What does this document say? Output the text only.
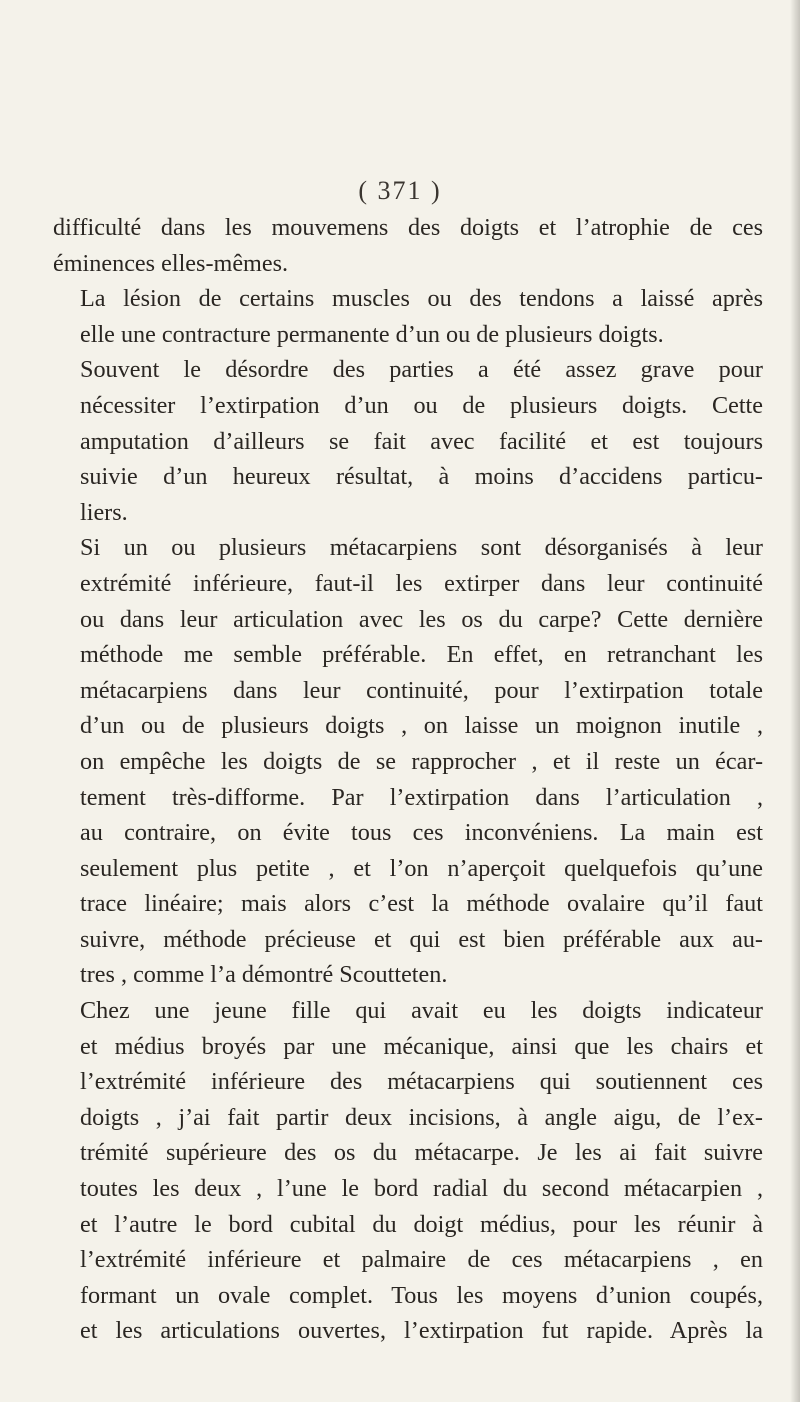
( 371 )

difficulté dans les mouvemens des doigts et l’atrophie de ces
éminences elles-mêmes.

La lésion de certains muscles ou des tendons a laissé après
elle une contracture permanente d’un ou de plusieurs doigts.

Souvent le désordre des parties a été assez grave pour
nécessiter l’extirpation d’un ou de plusieurs doigts. Cette
amputation d’ailleurs se fait avec facilité et est toujours
suivie d’un heureux résultat, à moins d’accidens particu-
liers.

Si un ou plusieurs métacarpiens sont désorganisés à leur
extrémité inférieure, faut-il les extirper dans leur continuité
ou dans leur articulation avec les os du carpe? Cette dernière
méthode me semble préférable. En effet, en retranchant les
métacarpiens dans leur continuité, pour l’extirpation totale
d’un ou de plusieurs doigts , on laisse un moignon inutile ,
on empêche les doigts de se rapprocher , et il reste un écar-
tement très-difforme. Par l’extirpation dans l’articulation ,
au contraire, on évite tous ces inconvéniens. La main est
seulement plus petite , et l’on n’aperçoit quelquefois qu’une
trace linéaire; mais alors c’est la méthode ovalaire qu’il faut
suivre, méthode précieuse et qui est bien préférable aux au-
tres , comme l’a démontré Scoutteten.

Chez une jeune fille qui avait eu les doigts indicateur
et médius broyés par une mécanique, ainsi que les chairs et
l’extrémité inférieure des métacarpiens qui soutiennent ces
doigts , j’ai fait partir deux incisions, à angle aigu, de l’ex-
trémité supérieure des os du métacarpe. Je les ai fait suivre
toutes les deux , l’une le bord radial du second métacarpien ,
et l’autre le bord cubital du doigt médius, pour les réunir à
l’extrémité inférieure et palmaire de ces métacarpiens , en
formant un ovale complet. Tous les moyens d’union coupés,
et les articulations ouvertes, l’extirpation fut rapide. Après la
